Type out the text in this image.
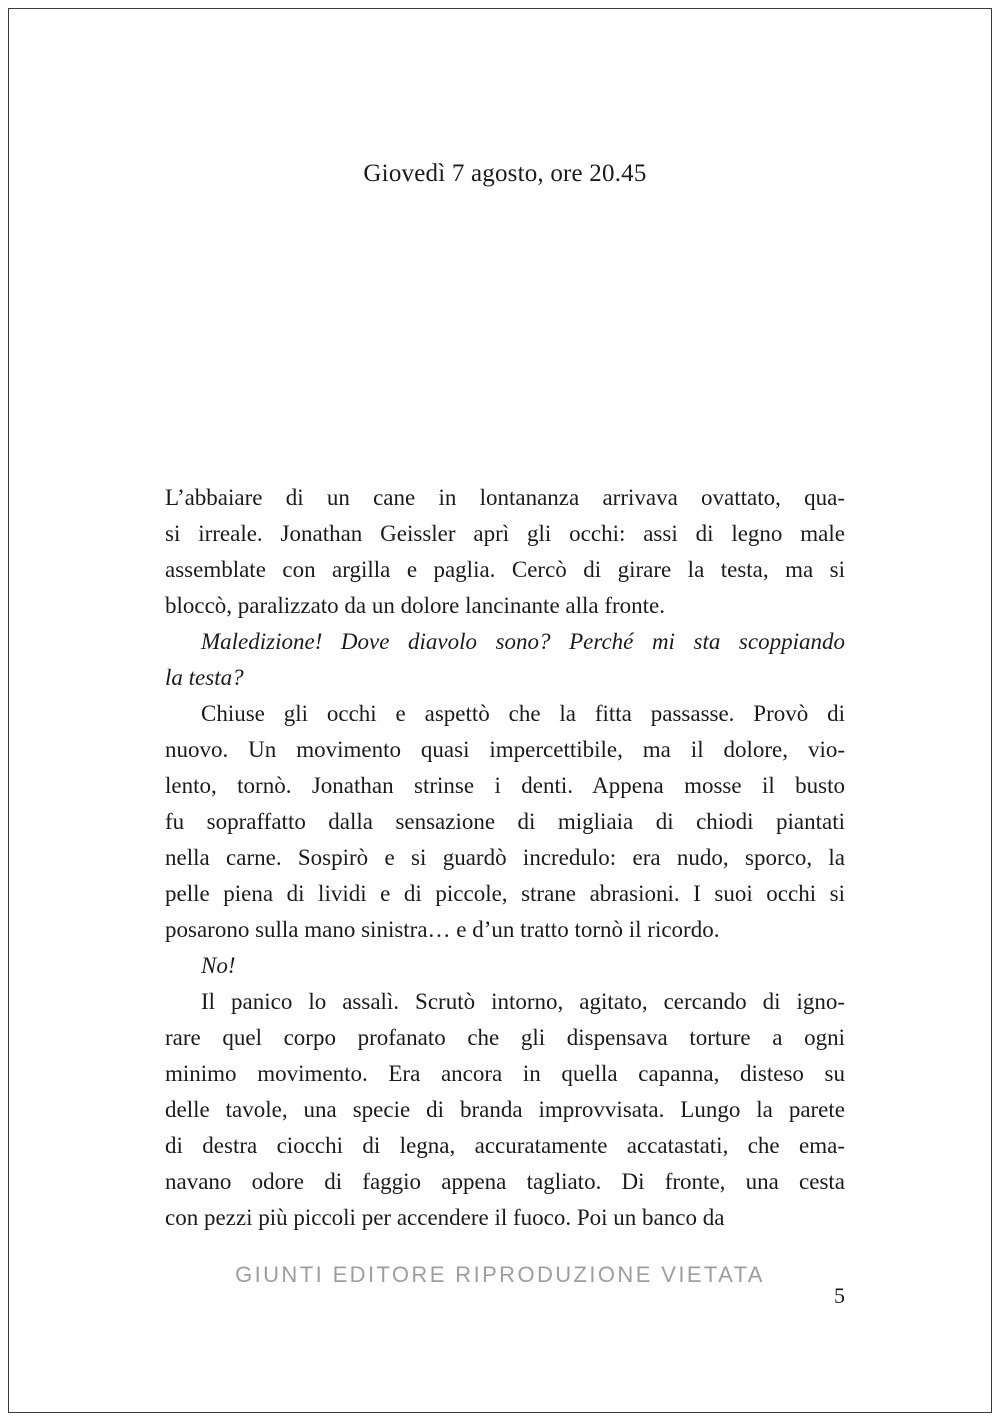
Giovedì 7 agosto, ore 20.45
L’abbaiare di un cane in lontananza arrivava ovattato, qua-
si irreale. Jonathan Geissler aprì gli occhi: assi di legno male
assemblate con argilla e paglia. Cercò di girare la testa, ma si
bloccò, paralizzato da un dolore lancinante alla fronte.
Maledizione! Dove diavolo sono? Perché mi sta scoppiando
la testa?
Chiuse gli occhi e aspettò che la fitta passasse. Provò di
nuovo. Un movimento quasi impercettibile, ma il dolore, vio-
lento, tornò. Jonathan strinse i denti. Appena mosse il busto
fu sopraffatto dalla sensazione di migliaia di chiodi piantati
nella carne. Sospirò e si guardò incredulo: era nudo, sporco, la
pelle piena di lividi e di piccole, strane abrasioni. I suoi occhi si
posarono sulla mano sinistra… e d’un tratto tornò il ricordo.
No!
Il panico lo assalì. Scrutò intorno, agitato, cercando di igno-
rare quel corpo profanato che gli dispensava torture a ogni
minimo movimento. Era ancora in quella capanna, disteso su
delle tavole, una specie di branda improvvisata. Lungo la parete
di destra ciocchi di legna, accuratamente accatastati, che ema-
navano odore di faggio appena tagliato. Di fronte, una cesta
con pezzi più piccoli per accendere il fuoco. Poi un banco da
GIUNTI EDITORE RIPRODUZIONE VIETATA
5
